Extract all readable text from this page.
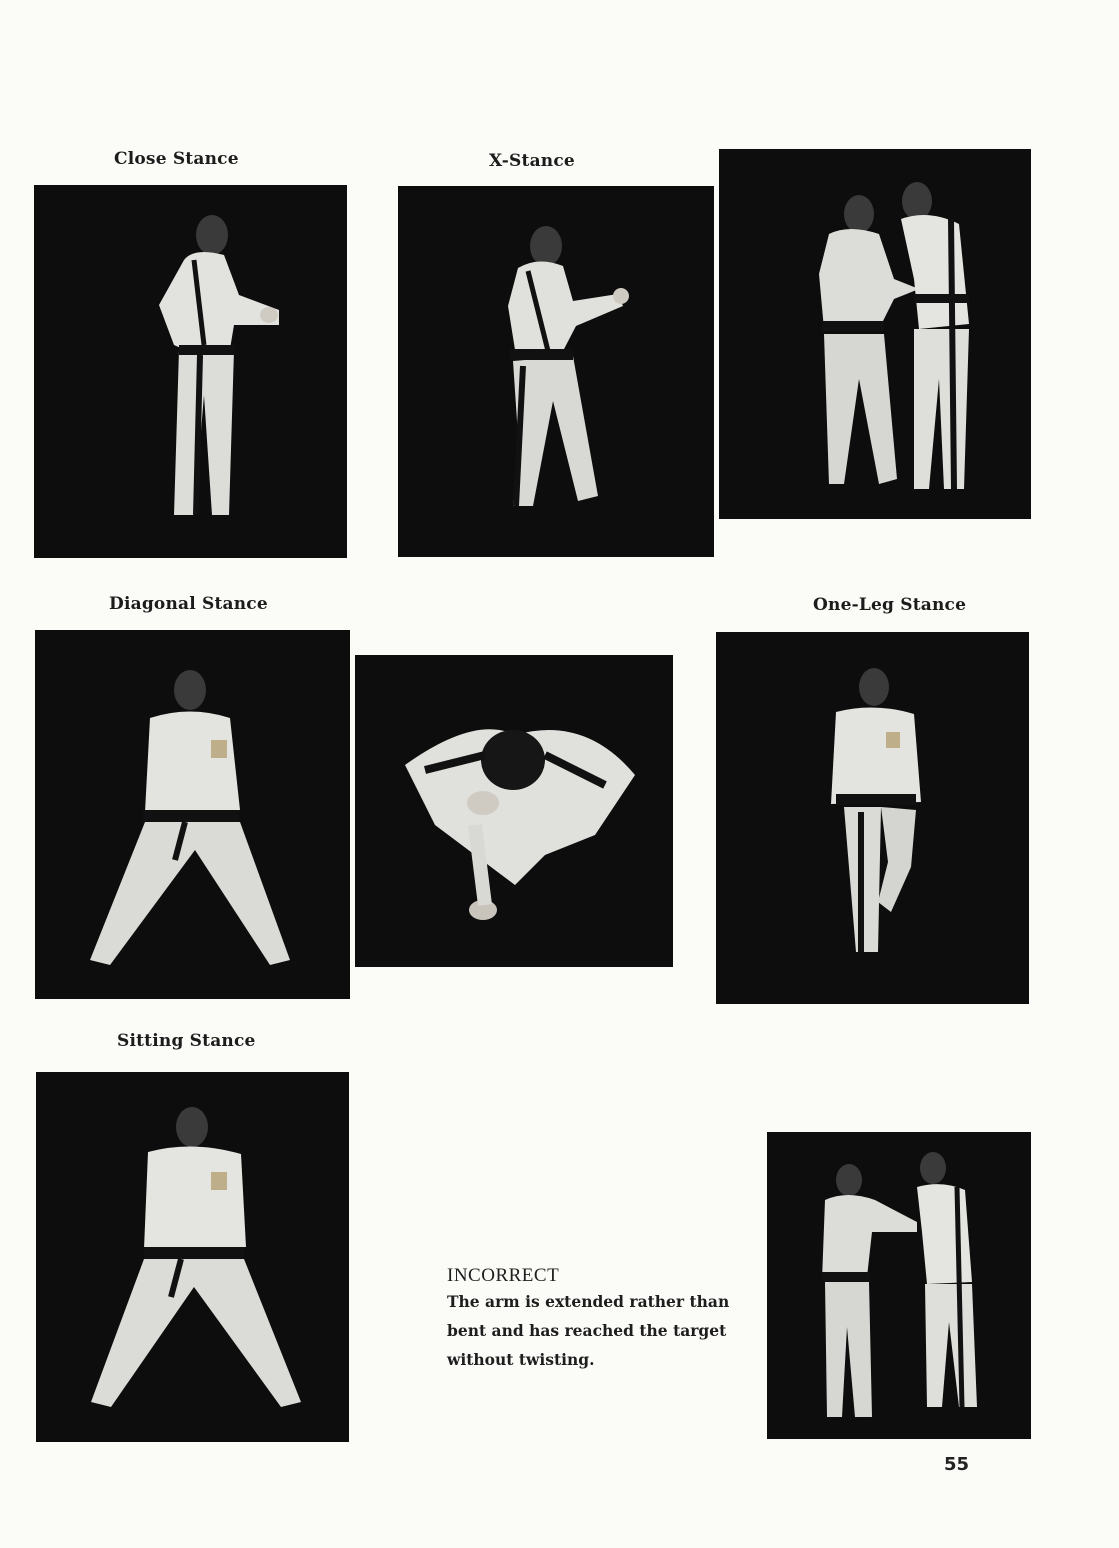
Close Stance	X-Stance
Diagonal Stance	One-Leg Stance
Sitting Stance
INCORRECT
The arm is extended rather than bent and has reached the target without twisting.
55
